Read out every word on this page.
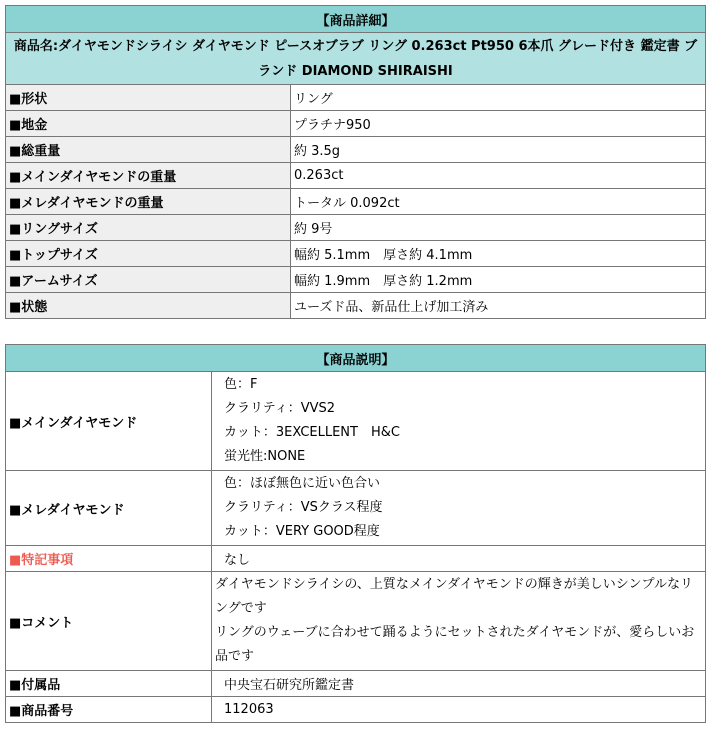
【商品詳細】	
商品名:ダイヤモンドシライシ ダイヤモンド ピースオブラブ リング 0.263ct Pt950 6本爪 グレード付き 鑑定書 ブランド DIAMOND SHIRAISHI	
■形状	リング
■地金	プラチナ950
■総重量	約 3.5g
■メインダイヤモンドの重量	0.263ct
■メレダイヤモンドの重量	トータル 0.092ct
■リングサイズ	約 9号
■トップサイズ	幅約 5.1mm　厚さ約 4.1mm
■アームサイズ	幅約 1.9mm　厚さ約 1.2mm
■状態	ユーズド品、新品仕上げ加工済み
【商品説明】	
■メインダイヤモンド	色：F
クラリティ：VVS2
カット：3EXCELLENT　H&C
蛍光性:NONE

■メレダイヤモンド	色：ほぼ無色に近い色合い
クラリティ：VSクラス程度
カット：VERY GOOD程度

■特記事項	なし
■コメント	ダイヤモンドシライシの、上質なメインダイヤモンドの輝きが美しいシンプルなリングです
リングのウェーブに合わせて踊るようにセットされたダイヤモンドが、愛らしいお品です

■付属品	中央宝石研究所鑑定書
■商品番号	112063
